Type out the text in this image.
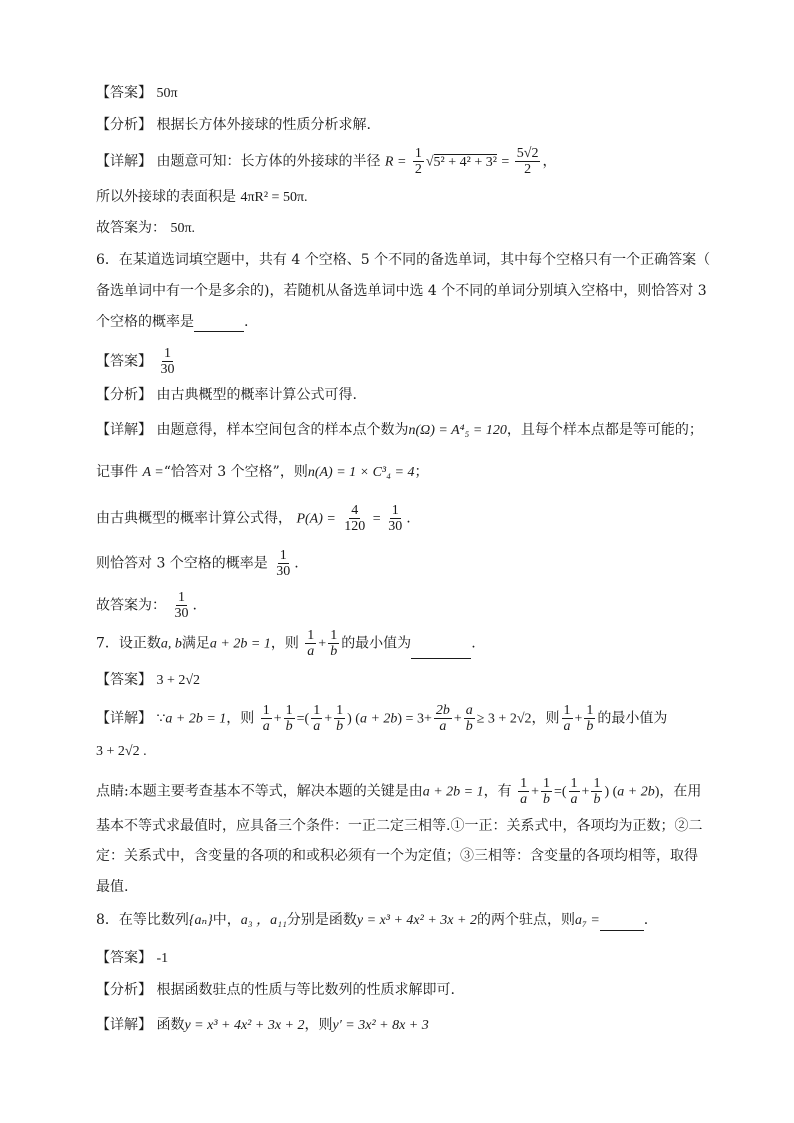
【答案】 50π
【分析】 根据长方体外接球的性质分析求解.
【详解】 由题意可知：长方体的外接球的半径 $R = \frac{1}{2} √5^2 + 4^2 + 3^2 = \frac{5√2}{2}$ ，
所以外接球的表面积是 4πR² = 50π.
故答案为： 50π.
6．在某道选词填空题中，共有 4 个空格、5 个不同的备选单词，其中每个空格只有一个正确答案（
备选单词中有一个是多余的)，若随机从备选单词中选 4 个不同的单词分别填入空格中，则恰答对 3
个空格的概率是	.
【答案】 $\frac{1}{30}$
【分析】 由古典概型的概率计算公式可得.
【详解】 由题意得，样本空间包含的样本点个数为n(Ω) = A⁴₅ = 120，且每个样本点都是等可能的；
记事件 A =“恰答对 3 个空格”，则n(A) = 1 × C³₄ = 4；
由古典概型的概率计算公式得， $P(A) = \frac{4}{120} = \frac{1}{30}$ .
则恰答对 3 个空格的概率是 $\frac{1}{30}$ .
故答案为： $\frac{1}{30}$ .
7．设正数a, b满足a + 2b = 1，则 $\frac{1}{a} + \frac{1}{b}$ 的最小值为	.
【答案】 3 + 2√2
【详解】 ∵a + 2b = 1，则 $\frac{1}{a} + \frac{1}{b}$ =( $\frac{1}{a} + \frac{1}{b}$ ) $(a + 2b) = 3+ \frac{2b}{a} + \frac{a}{b} \ge 3 + 2√2$，则 $\frac{1}{a} + \frac{1}{b}$ 的最小值为
3 + 2√2 .
点睛:本题主要考查基本不等式，解决本题的关键是由a + 2b = 1，有 $\frac{1}{a} + \frac{1}{b}$ =( $\frac{1}{a} + \frac{1}{b}$ ) (a + 2b)，在用
基本不等式求最值时，应具备三个条件：一正二定三相等.①一正：关系式中，各项均为正数；②二
定：关系式中，含变量的各项的和或积必须有一个为定值；③三相等：含变量的各项均相等，取得
最值.
8．在等比数列{aₙ}中，a₃ ，a₁₁分别是函数y = x³ + 4x² + 3x + 2的两个驻点，则a₇ =	.
【答案】 -1
【分析】 根据函数驻点的性质与等比数列的性质求解即可.
【详解】 函数y = x³ + 4x² + 3x + 2，则y′ = 3x² + 8x + 3
